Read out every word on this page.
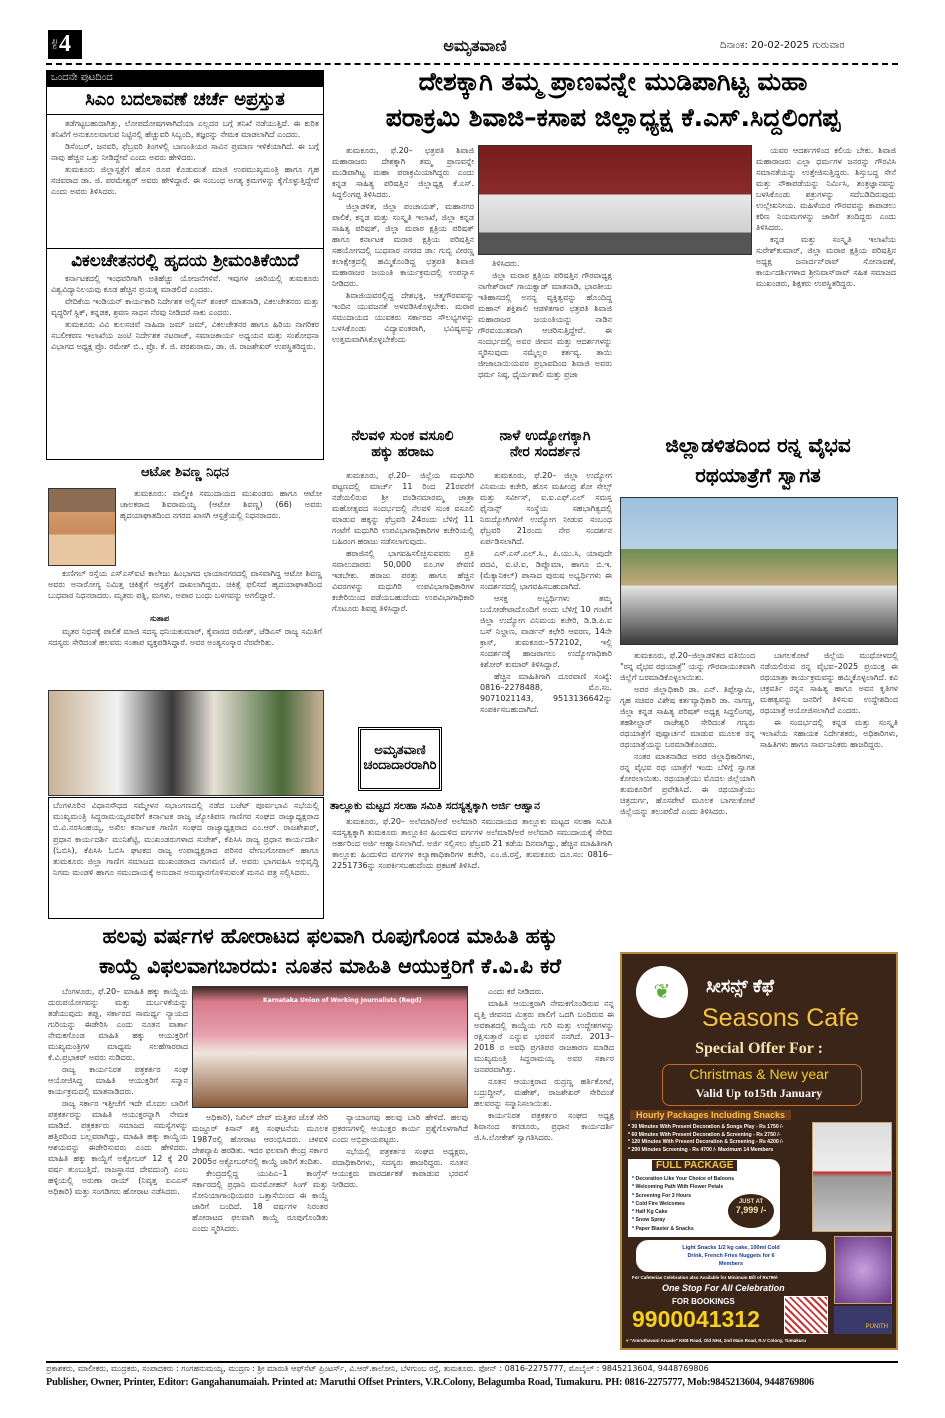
ಪುಟ 4	ಅಮೃತವಾಣಿ	ದಿನಾಂಕ: 20-02-2025 ಗುರುವಾರ
ಒಂದನೇ ಪುಟದಿಂದ
ಸಿಎಂ ಬದಲಾವಣೆ ಚರ್ಚೆ ಅಪ್ರಸ್ತುತ

ತಡೆಗಟ್ಟಬಹುದಾಗಿತ್ತು, ಲೋಪದೋಷಗಳಾಗಿದೆಯಾ ಎಲ್ಲದರ ಬಗ್ಗೆ ತನಿಖೆ ನಡೆಯುತ್ತಿದೆ. ಈ ಕುರಿತ ತನಿಖೆಗೆ ಅನುಕೂಲವಾಗುವ ನಿಟ್ಟಿನಲ್ಲಿ ಹೆಚ್ಚುವರಿ ಸಿಬ್ಬಂದಿ, ತಜ್ಞರನ್ನು ನೇಮಕ ಮಾಡಲಾಗಿದೆ ಎಂದರು.

ಡಿಸೆಂಬರ್, ಜನವರಿ, ಫೆಬ್ರವರಿ ತಿಂಗಳಲ್ಲಿ ಬಾಣಂತಿಯರ ಸಾವಿನ ಪ್ರಮಾಣ ಇಳಿಕೆಯಾಗಿದೆ. ಈ ಬಗ್ಗೆ ನಾವು ಹೆಚ್ಚಿನ ಒತ್ತು ನೀಡಿದ್ದೇವೆ ಎಂದು ಅವರು ಹೇಳಿದರು.

ತುಮಕೂರು ಜಿಲ್ಲಾಸ್ಪತ್ರೆಗೆ ಹೊಸ ರೂಪ ಕೊಡುವಂತೆ ಮಾಜಿ ಉಪಮುಖ್ಯಮಂತ್ರಿ ಹಾಗೂ ಗೃಹ ಸಚಿವರಾದ ಡಾ. ಜಿ. ಪರಮೇಶ್ವರ್ ಅವರು ಹೇಳಿದ್ದಾರೆ. ಈ ಸಂಬಂಧ ಅಗತ್ಯ ಕ್ರಮಗಳನ್ನು ಕೈಗೊಳ್ಳುತ್ತಿದ್ದೇವೆ ಎಂದು ಅವರು ತಿಳಿಸಿದರು.

ವಿಕಲಚೇತನರಲ್ಲಿ ಹೃದಯ ಶ್ರೀಮಂತಿಕೆಯಿದೆ

ಕರ್ನಾಟಕದಲ್ಲಿ ಇಂಥವರಿಗಾಗಿ ಅತಿಹೆಚ್ಚು ಯೋಜನೆಗಳಿವೆ. ಇವುಗಳ ಜಾರಿಯಲ್ಲಿ ತುಮಕೂರು ವಿಶ್ವವಿದ್ಯಾನಿಲಯವು ಕೂಡ ಹೆಚ್ಚಿನ ಪ್ರಯತ್ನ ಮಾಡಲಿದೆ ಎಂದರು.

ವೇದಿಕೆಯ ಇಂಡಿಯನ್ ಕಾರ್ಯಕಾರಿ ನಿರ್ದೇಶಕ ಅಲ್ಲಿಸನ್ ಶಂಕರ್ ಮಾತನಾಡಿ, ವಿಕಲಚೇತನರು ಮತ್ತು ವೃದ್ಧರಿಗೆ ಸ್ಟಿಕ್, ಕನ್ನಡಕ, ಶ್ರವಣ ಸಾಧನ ನೆರವು ನೀಡಿದರೆ ಸಾಕು ಎಂದರು.

ತುಮಕೂರು ವಿವಿ ಕುಲಸಚಿವೆ ನಾಹಿದಾ ಜಮ್ ಜಮ್, ವಿಕಲಚೇತನರ ಹಾಗೂ ಹಿರಿಯ ನಾಗರಿಕರ ಸಬಲೀಕರಣ ಇಲಾಖೆಯ ಜಂಟಿ ನಿರ್ದೇಶಕ ನಟರಾಜ್, ಸಮಾಜಕಾರ್ಯ ಅಧ್ಯಯನ ಮತ್ತು ಸಂಶೋಧನಾ ವಿಭಾಗದ ಅಧ್ಯಕ್ಷ ಪ್ರೊ. ರಮೇಶ್ ಬಿ., ಪ್ರೊ. ಕೆ. ಜಿ. ಪರಶುರಾಮ, ಡಾ. ಜಿ. ರಾಜಶೇಖರ್ ಉಪಸ್ಥಿತರಿದ್ದರು.

ಆಟೋ ಶಿವಣ್ಣ ನಿಧನ

ತುಮಕೂರು: ವಾಲ್ಮೀಕಿ ಸಮುದಾಯದ ಮುಖಂಡರು ಹಾಗೂ ಆಟೋ ಚಾಲಕರಾದ ಶಿವರಾಮಯ್ಯ (ಆಟೋ ಶಿವಣ್ಣ) (66) ಅವರು ಹೃದಯಾಘಾತದಿಂದ ನಗರದ ಖಾಸಗಿ ಆಸ್ಪತ್ರೆಯಲ್ಲಿ ನಿಧನರಾದರು.

ಕುಣಿಗಲ್ ರಸ್ತೆಯ ಎಸ್‌ಎಸ್‌ಐಟಿ ಕಾಲೇಜು ಹಿಂಭಾಗದ ಛಾಯಾನಗರದಲ್ಲಿ ವಾಸವಾಗಿದ್ದ ಆಟೋ ಶಿವಣ್ಣ ಅವರು ಅನಾರೋಗ್ಯ ನಿಮಿತ್ತ ಚಿಕಿತ್ಸೆಗೆ ಆಸ್ಪತ್ರೆಗೆ ದಾಖಲಾಗಿದ್ದರು. ಚಿಕಿತ್ಸೆ ಫಲಿಸದೆ ಹೃದಯಾಘಾತದಿಂದ ಬುಧವಾರ ನಿಧನರಾದರು. ಮೃತರು ಪತ್ನಿ, ಮಗಳು, ಅಪಾರ ಬಂಧು ಬಳಗವನ್ನು ಅಗಲಿದ್ದಾರೆ.

ಸುತಾಪ

ಮೃತರ ನಿಧನಕ್ಕೆ ಪಾಲಿಕೆ ಮಾಜಿ ಸದಸ್ಯ ಧನಿಯಕುಮಾರ್, ಕೈವಾರದ ರಮೇಶ್, ಜೆಡಿಎಸ್ ರಾಜ್ಯ ಸಮಿತಿಗೆ ಸದಸ್ಯರು ಸೇರಿದಂತೆ ಹಲವರು ಸಂತಾಪ ವ್ಯಕ್ತಪಡಿಸಿದ್ದಾರೆ. ಅವರ ಅಂತ್ಯಸಂಸ್ಕಾರ ನೆರವೇರಿತು.

ಬೆಂಗಳೂರಿನ ವಿಧಾನಸೌಧದ ಸಮ್ಮೇಳನ ಸಭಾಂಗಣದಲ್ಲಿ ನಡೆದ ಬಜೆಟ್ ಪೂರ್ವಭಾವಿ ಸಭೆಯಲ್ಲಿ ಮುಖ್ಯಮಂತ್ರಿ ಸಿದ್ದರಾಮಯ್ಯರವರಿಗೆ ಕರ್ನಾಟಕ ರಾಜ್ಯ ಜ್ಯೋತಿಪಣ ಗಾಣಿಗರ ಸಂಘದ ರಾಜ್ಯಾಧ್ಯಕ್ಷರಾದ ಬಿ.ವಿ.ನರಸಿಂಹಯ್ಯ, ಅಖಿಲ ಕರ್ನಾಟಕ ಗಾಣಿಗ ಸಂಘದ ರಾಜ್ಯಾಧ್ಯಕ್ಷರಾದ ಎಂ.ಆರ್. ರಾಜಶೇಖರ್, ಪ್ರಧಾನ ಕಾರ್ಯದರ್ಶಿ ಮುನಿಶೆಟ್ಟಿ, ಮುಖಂಡರುಗಳಾದ ಸುರೇಶ್, ಕೆಪಿಸಿಸಿ ರಾಜ್ಯ ಪ್ರಧಾನ ಕಾರ್ಯದರ್ಶಿ (ಓಬಿಸಿ), ಕೆಪಿಸಿಸಿ ಓಬಿಸಿ ಘಟಕದ ರಾಜ್ಯ ಉಪಾಧ್ಯಕ್ಷರಾದ ಪರಿಸರ ವೇಣುಗೋಪಾಲ್ ಹಾಗೂ ತುಮಕೂರು ಜಿಲ್ಲಾ ಗಾಣಿಗ ಸಮಾಜದ ಮುಖಂಡರಾದ ನಾಗಮಣಿ ಜೆ. ಅವರು ಭಾಗವಹಿಸಿ ಅಭಿವೃದ್ಧಿ ನಿಗಮ ಮಂಡಳಿ ಹಾಗೂ ಸಮುದಾಯಕ್ಕೆ ಅನುದಾನ ಅನುಷ್ಠಾನಗೊಳಿಸುವಂತೆ ಮನವಿ ಪತ್ರ ಸಲ್ಲಿಸಿದರು.
ದೇಶಕ್ಕಾಗಿ ತಮ್ಮ ಪ್ರಾಣವನ್ನೇ ಮುಡಿಪಾಗಿಟ್ಟ ಮಹಾ
ಪರಾಕ್ರಮಿ ಶಿವಾಜಿ–ಕಸಾಪ ಜಿಲ್ಲಾಧ್ಯಕ್ಷ ಕೆ.ಎಸ್.ಸಿದ್ದಲಿಂಗಪ್ಪ

ತುಮಕೂರು, ಫೆ.20– ಛತ್ರಪತಿ ಶಿವಾಜಿ ಮಹಾರಾಜರು ದೇಶಕ್ಕಾಗಿ ತಮ್ಮ ಪ್ರಾಣವನ್ನೇ ಮುಡಿಪಾಗಿಟ್ಟ ಮಹಾ ಪರಾಕ್ರಮಿಯಾಗಿದ್ದರು ಎಂದು ಕನ್ನಡ ಸಾಹಿತ್ಯ ಪರಿಷತ್ತಿನ ಜಿಲ್ಲಾಧ್ಯಕ್ಷ ಕೆ.ಎಸ್. ಸಿದ್ದಲಿಂಗಪ್ಪ ತಿಳಿಸಿದರು.

ಜಿಲ್ಲಾಡಳಿತ, ಜಿಲ್ಲಾ ಪಂಚಾಯತ್, ಮಹಾನಗರ ಪಾಲಿಕೆ, ಕನ್ನಡ ಮತ್ತು ಸಂಸ್ಕೃತಿ ಇಲಾಖೆ, ಜಿಲ್ಲಾ ಕನ್ನಡ ಸಾಹಿತ್ಯ ಪರಿಷತ್, ಜಿಲ್ಲಾ ಮರಾಠ ಕ್ಷತ್ರಿಯ ಪರಿಷತ್ ಹಾಗೂ ಕರ್ನಾಟಕ ಮರಾಠ ಕ್ಷತ್ರಿಯ ಪರಿಷತ್ತಿನ ಸಹಯೋಗದಲ್ಲಿ ಬುಧವಾರ ನಗರದ ಡಾ: ಗುಬ್ಬಿ ವೀರಣ್ಣ ಕಲಾಕ್ಷೇತ್ರದಲ್ಲಿ ಹಮ್ಮಿಕೊಂಡಿದ್ದ ಛತ್ರಪತಿ ಶಿವಾಜಿ ಮಹಾರಾಜರ ಜಯಂತಿ ಕಾರ್ಯಕ್ರಮದಲ್ಲಿ ಉಪನ್ಯಾಸ ನೀಡಿದರು.

ಶಿವಾಜಿಯವರಲ್ಲಿದ್ದ ದೇಶಭಕ್ತಿ, ಆತ್ಮಗೌರವವನ್ನು ಇಂದಿನ ಯುವಜನತೆ ಅಳವಡಿಸಿಕೊಳ್ಳಬೇಕು. ಮರಾಠ ಸಮುದಾಯದ ಯುವಕರು ಸರ್ಕಾರದ ಸೌಲಭ್ಯಗಳನ್ನು ಬಳಸಿಕೊಂಡು ವಿದ್ಯಾವಂತರಾಗಿ, ಭವಿಷ್ಯವನ್ನು ಉತ್ತಮವಾಗಿಸಿಕೊಳ್ಳಬೇಕೆಂದು

ತಿಳಿಸಿದರು.

ಜಿಲ್ಲಾ ಮರಾಠ ಕ್ಷತ್ರಿಯ ಪರಿಷತ್ತಿನ ಗೌರವಾಧ್ಯಕ್ಷ ನಾಗೇಶ್‌ರಾವ್ ಗಾಯಕ್ವಾಡ್ ಮಾತನಾಡಿ, ಭಾರತೀಯ ಇತಿಹಾಸದಲ್ಲಿ ಅನನ್ಯ ವ್ಯಕ್ತಿತ್ವವನ್ನು ಹೊಂದಿದ್ದ ಮಹಾನ್ ಶಕ್ತಿಶಾಲಿ ಆಡಳಿತಗಾರ ಛತ್ರಪತಿ ಶಿವಾಜಿ ಮಹಾರಾಜರ ಜಯಂತಿಯನ್ನು ನಾಡಿನ ಗೌರವಯುತವಾಗಿ ಆಚರಿಸುತ್ತಿದ್ದೇವೆ. ಈ ಸಂದರ್ಭದಲ್ಲಿ ಅವರ ಜೀವನ ಮತ್ತು ಆದರ್ಶಗಳನ್ನು ಸ್ಮರಿಸುವುದು ನಮ್ಮೆಲ್ಲರ ಕರ್ತವ್ಯ. ತಾಯಿ ಜೀಜಾಬಾಯಿಯವರ ಪ್ರಭಾವದಿಂದ ಶಿವಾಜಿ ಅವರು ಧರ್ಮ ನಿಷ್ಠ, ಧೈರ್ಯಶಾಲಿ ಮತ್ತು ಪ್ರಜಾ

ಯವರ ಆದರ್ಶಗಳಿಂದ ಕಲಿಯ ಬೇಕು. ಶಿವಾಜಿ ಮಹಾರಾಜರು ಎಲ್ಲಾ ಧರ್ಮಗಳ ಜನರನ್ನು ಗೌರವಿಸಿ ಸಮಾನತೆಯನ್ನು ಉತ್ತೇಜಿಸುತ್ತಿದ್ದರು. ಶಿಸ್ತುಬದ್ಧ ಸೇನೆ ಮತ್ತು ನೌಕಾಪಡೆಯನ್ನು ನಿರ್ಮಿಸಿ, ತಂತ್ರಜ್ಞಾನವನ್ನು ಬಳಸಿಕೊಂಡು ಶತ್ರುಗಳನ್ನು ಸದೆಬಡಿದಿರುವುದು ಉಲ್ಲೇಖನೀಯ. ಮಹಿಳೆಯರ ಗೌರವವನ್ನು ಕಾಪಾಡಲು ಕಠಿಣ ನಿಯಮಗಳನ್ನು ಜಾರಿಗೆ ತಂದಿದ್ದರು ಎಂದು ತಿಳಿಸಿದರು.

ಕನ್ನಡ ಮತ್ತು ಸಂಸ್ಕೃತಿ ಇಲಾಖೆಯ ಸುರೇಶ್‌ಕುಮಾರ್, ಜಿಲ್ಲಾ ಮರಾಠ ಕ್ಷತ್ರಿಯ ಪರಿಷತ್ತಿನ ಅಧ್ಯಕ್ಷ ಜನಾರ್ದನ್‌ರಾವ್ ಸೋನಾವಣೆ, ಕಾರ್ಯದರ್ಶಿಗಳಾದ ಶ್ರೀನಿವಾಸ್‌ರಾವ್ ಸಹಿತ ಸಮಾಜದ ಮುಖಂಡರು, ಶಿಕ್ಷಕರು ಉಪಸ್ಥಿತರಿದ್ದರು.

ನೆಲವಳಿ ಸುಂಕ ವಸೂಲಿ
ಹಕ್ಕು ಹರಾಜು

ತುಮಕೂರು, ಫೆ.20– ಜಿಲ್ಲೆಯ ಮಧುಗಿರಿ ಪಟ್ಟಣದಲ್ಲಿ ಮಾರ್ಚ್ 11 ರಿಂದ 21ರವರೆಗೆ ನಡೆಯಲಿರುವ ಶ್ರೀ ದಂಡಿನಮಾರಮ್ಮ ಜಾತ್ರಾ ಮಹೋತ್ಸವದ ಸಂದರ್ಭದಲ್ಲಿ ನೆಲವಳಿ ಸುಂಕ ವಸೂಲಿ ಮಾಡುವ ಹಕ್ಕನ್ನು ಫೆಬ್ರವರಿ 24ರಂದು ಬೆಳಿಗ್ಗೆ 11 ಗಂಟೆಗೆ ಮಧುಗಿರಿ ಉಪವಿಭಾಗಾಧಿಕಾರಿಗಳ ಕಚೇರಿಯಲ್ಲಿ ಬಹಿರಂಗ ಹರಾಜು ನಡೆಸಲಾಗುವುದು.

ಹರಾಜಿನಲ್ಲಿ ಭಾಗವಹಿಸಲಿಚ್ಛಿಸುವವರು ಪ್ರತಿ ಸವಾಲುದಾರರು 50,000 ರೂ.ಗಳ ಠೇವಣಿ ಇಡಬೇಕು. ಹರಾಜು ಪರತ್ತು ಹಾಗೂ ಹೆಚ್ಚಿನ ವಿವರಗಳನ್ನು ಮಧುಗಿರಿ ಉಪವಿಭಾಗಾಧಿಕಾರಿಗಳ ಕಚೇರಿಯಿಂದ ಪಡೆಯಬಹುದೆಂದು ಉಪವಿಭಾಗಾಧಿಕಾರಿ ಗೊಟೂರು ಶಿವಪ್ಪ ತಿಳಿಸಿದ್ದಾರೆ.

ನಾಳೆ ಉದ್ಯೋಗಕ್ಕಾಗಿ
ನೇರ ಸಂದರ್ಶನ

ತುಮಕೂರು, ಫೆ.20– ಜಿಲ್ಲಾ ಉದ್ಯೋಗ ವಿನಿಮಯ ಕಚೇರಿ, ಹೊಸ ಮಹೀಂದ್ರ ಶೋ ಸೇಲ್ಸ್ ಮತ್ತು ಸರ್ವೀಸ್, ಐ.ಐ.ಎಫ್.ಎಲ್ ಸಮಸ್ತ ಫೈನಾನ್ಸ್ ಸಂಸ್ಥೆಯ ಸಹಭಾಗಿತ್ವದಲ್ಲಿ ನಿರುದ್ಯೋಗಿಗಳಿಗೆ ಉದ್ಯೋಗ ನೀಡುವ ಸಂಬಂಧ ಫೆಬ್ರವರಿ 21ರಂದು ನೇರ ಸಂದರ್ಶನ ಏರ್ಪಡಿಸಲಾಗಿದೆ.

ಎಸ್.ಎಸ್.ಎಲ್.ಸಿ., ಪಿ.ಯು.ಸಿ, ಯಾವುದೇ ಪದವಿ, ಐ.ಟಿ.ಐ, ಡಿಪ್ಲೊಮಾ, ಹಾಗೂ ಬಿ.ಇ. (ಮೆಕ್ಯಾನಿಕಲ್) ಪಾಸಾದ ಪುರುಷ ಅಭ್ಯರ್ಥಿಗಳು ಈ ಸಂದರ್ಶನದಲ್ಲಿ ಭಾಗವಹಿಸಬಹುದಾಗಿದೆ.

ಆಸಕ್ತ ಅಭ್ಯರ್ಥಿಗಳು ತಮ್ಮ ಬಯೋಡೇಟಾದೊಂದಿಗೆ ಅಂದು ಬೆಳಿಗ್ಗೆ 10 ಗಂಟೆಗೆ ಜಿಲ್ಲಾ ಉದ್ಯೋಗ ವಿನಿಮಯ ಕಚೇರಿ, ಡಿ.ಡಿ.ಪಿ.ಐ ಬಸ್ ನಿಲ್ದಾಣ, ವಾರ್ಡನ್ ಕಛೇರಿ ಆವರಣ, 14ನೇ ಕ್ರಾಸ್, ತುಮಕೂರು–572102, ಇಲ್ಲಿ ಸಂದರ್ಶನಕ್ಕೆ ಹಾಜರಾಗಲು ಉದ್ಯೋಗಾಧಿಕಾರಿ ಕಿಶೋರ್ ಕುಮಾರ್ ತಿಳಿಸಿದ್ದಾರೆ.

ಹೆಚ್ಚಿನ ಮಾಹಿತಿಗಾಗಿ ದೂರವಾಣಿ ಸಂಖ್ಯೆ: 0816–2278488, ಮೊ.ಸಂ. 9071021143, 9513136642ನ್ನು ಸಂಪರ್ಕಿಸಬಹುದಾಗಿದೆ.

ಅಮೃತವಾಣಿ
ಚಂದಾದಾರರಾಗಿರಿ
ತಾಲ್ಲೂಕು ಮಟ್ಟದ ಸಲಹಾ ಸಮಿತಿ ಸದಸ್ಯತ್ವಕ್ಕಾಗಿ ಅರ್ಜಿ ಆಹ್ವಾನ

ತುಮಕೂರು, ಫೆ.20– ಅಲೆಮಾರಿ/ಅರೆ ಅಲೆಮಾರಿ ಸಮುದಾಯದ ತಾಲ್ಲೂಕು ಮಟ್ಟದ ಸಲಹಾ ಸಮಿತಿ ಸದಸ್ಯತ್ವಕ್ಕಾಗಿ ತುಮಕೂರು ತಾಲ್ಲೂಕಿನ ಹಿಂದುಳಿದ ವರ್ಗಗಳ ಅಲೆಮಾರಿ/ಅರೆ ಅಲೆಮಾರಿ ಸಮುದಾಯಕ್ಕೆ ಸೇರಿದ ಅರ್ಹರಿಂದ ಅರ್ಜಿ ಆಹ್ವಾನಿಸಲಾಗಿದೆ. ಅರ್ಜಿ ಸಲ್ಲಿಸಲು ಫೆಬ್ರವರಿ 21 ಕಡೆಯ ದಿನವಾಗಿದ್ದು, ಹೆಚ್ಚಿನ ಮಾಹಿತಿಗಾಗಿ ತಾಲ್ಲೂಕು ಹಿಂದುಳಿದ ವರ್ಗಗಳ ಕಲ್ಯಾಣಾಧಿಕಾರಿಗಳ ಕಚೇರಿ, ಎಂ.ಜಿ.ರಸ್ತೆ, ತುಮಕೂರು ದೂ.ಸಂ: 0816–2251736ನ್ನು ಸಂಪರ್ಕಿಸಬಹುದೆಂದು ಪ್ರಕಟಣೆ ತಿಳಿಸಿದೆ.

ಜಿಲ್ಲಾಡಳಿತದಿಂದ ರನ್ನ ವೈಭವ
ರಥಯಾತ್ರೆಗೆ ಸ್ವಾಗತ

ತುಮಕೂರು, ಫೆ.20–ಜಿಲ್ಲಾಡಳಿತದ ವತಿಯಿಂದ "ರನ್ನ ವೈಭವ ರಥಯಾತ್ರೆ" ಯನ್ನು ಗೌರವಾಯುತವಾಗಿ ಜಿಲ್ಲೆಗೆ ಬರಮಾಡಿಕೊಳ್ಳಲಾಯಿತು.

ಅಪರ ಜಿಲ್ಲಾಧಿಕಾರಿ ಡಾ. ಎನ್. ತಿಪ್ಪೇಸ್ವಾಮಿ, ಗೃಹ ಸಚಿವರ ವಿಶೇಷ ಕರ್ತವ್ಯಾಧಿಕಾರಿ ಡಾ. ನಾಗಣ್ಣ, ಜಿಲ್ಲಾ ಕನ್ನಡ ಸಾಹಿತ್ಯ ಪರಿಷತ್ ಅಧ್ಯಕ್ಷ ಸಿದ್ದಲಿಂಗಪ್ಪ, ತಹಶೀಲ್ದಾರ್ ರಾಜೇಶ್ವರಿ ಸೇರಿದಂತೆ ಗಣ್ಯರು ರಥಯಾತ್ರೆಗೆ ಪುಷ್ಪಾರ್ಚನೆ ಮಾಡುವ ಮೂಲಕ ರನ್ನ ರಥಯಾತ್ರೆಯನ್ನು ಬರಮಾಡಿಕೊಂಡರು.

ನಂತರ ಮಾತನಾಡಿದ ಅಪರ ಜಿಲ್ಲಾಧಿಕಾರಿಗಳು, ರನ್ನ ವೈಭವ ರಥ ಯಾತ್ರೆಗೆ ಇಂದು ಬೆಳಿಗ್ಗೆ ಸ್ವಾಗತ ಕೋರಲಾಯಿತು. ರಥಯಾತ್ರೆಯು ಮೊದಲ ಜಿಲ್ಲೆಯಾಗಿ ತುಮಕೂರಿಗೆ ಪ್ರವೇಶಿಸಿದೆ. ಈ ರಥಯಾತ್ರೆಯು ಚಿತ್ರದುರ್ಗ, ಹೊಸಪೇಟೆ ಮೂಲಕ ಬಾಗಲಕೋಟೆ ಜಿಲ್ಲೆಯನ್ನು ತಲುಪಲಿದೆ ಎಂದು ತಿಳಿಸಿದರು.

ಬಾಗಲಕೋಟೆ ಜಿಲ್ಲೆಯ ಮುಧೋಳದಲ್ಲಿ ನಡೆಯಲಿರುವ ರನ್ನ ವೈಭವ–2025 ಪ್ರಯುಕ್ತ ಈ ರಥಯಾತ್ರಾ ಕಾರ್ಯಕ್ರಮವನ್ನು ಹಮ್ಮಿಕೊಳ್ಳಲಾಗಿದೆ. ಕವಿ ಚಕ್ರವರ್ತಿ ರನ್ನನ ಸಾಹಿತ್ಯ ಹಾಗೂ ಅವನ ಕೃತಿಗಳ ಮಹತ್ವವನ್ನು ಜನರಿಗೆ ತಿಳಿಸುವ ಉದ್ದೇಶದಿಂದ ರಥಯಾತ್ರೆ ಆಯೋಜಿಸಲಾಗಿದೆ ಎಂದರು.

ಈ ಸಂದರ್ಭದಲ್ಲಿ ಕನ್ನಡ ಮತ್ತು ಸಂಸ್ಕೃತಿ ಇಲಾಖೆಯ ಸಹಾಯಕ ನಿರ್ದೇಶಕರು, ಅಧಿಕಾರಿಗಳು, ಸಾಹಿತಿಗಳು ಹಾಗೂ ಸಾರ್ವಜನಿಕರು ಹಾಜರಿದ್ದರು.

❦	ಸೀಸನ್ಸ್ ಕೆಫೆ
Seasons Cafe
Special Offer For :
Christmas & New year
Valid Up to15th January
Hourly Packages Including Snacks
* 30 Minutes With Present Decoration & Songs Play - Rs 1750 /-
* 60 Minutes With Present Decoration & Screening - Rs 2750 /-
* 120 Minutes With Present Decoration & Screening - Rs 4200 /-
* 200 Minutes Screening - Rs 4700 /- Maximum 14 Members
FULL PACKAGE
* Decoration Like Your Choice of Baloons
* Welcoming Path With Flower Petals
* Screening For 3 Hours
* Cold Fire Welcomes
* Half Kg Cake
* Snow Spray
* Paper Blaster & Snacks
JUST AT
7,999 /-
Light Snacks 1/2 kg cake, 100ml Cold Drink, French Fries Nuggets for 6 Members
For Cafeterias Celebration also Available for Minimum Bill of Rs799/-
One Stop For All Celebration
FOR BOOKINGS
9900041312	PUNITH
⌖ "Amruthavani Arcade" KEB Road, Old NH4, 2nd Main Road, R.V Colony, Tumakuru
ಹಲವು ವರ್ಷಗಳ ಹೋರಾಟದ ಫಲವಾಗಿ ರೂಪುಗೊಂಡ ಮಾಹಿತಿ ಹಕ್ಕು
ಕಾಯ್ದೆ ವಿಫಲವಾಗಬಾರದು: ನೂತನ ಮಾಹಿತಿ ಆಯುಕ್ತರಿಗೆ ಕೆ.ವಿ.ಪಿ ಕರೆ

ಬೆಂಗಳೂರು, ಫೆ.20– ಮಾಹಿತಿ ಹಕ್ಕು ಕಾಯ್ದೆಯ ದುರುಪಯೋಗವನ್ನು ಮತ್ತು ದುರ್ಬಳಕೆಯನ್ನು ತಡೆಯುವುದು ತಪ್ಪು, ಸರ್ಕಾರದ ಸಾಮರ್ಥ್ಯ ನ್ಯಾಯದ ಗುರಿಯನ್ನು ಈಡೇರಿಸಿ ಎಂದು ನೂತನ ವಾರ್ತಾ ನೇಮಕಗೊಂಡ ಮಾಹಿತಿ ಹಕ್ಕು ಆಯುಕ್ತರಿಗೆ ಮುಖ್ಯಮಂತ್ರಿಗಳ ಮಾಧ್ಯಮ ಸಲಹೆಗಾರರಾದ ಕೆ.ವಿ.ಪ್ರಭಾಕರ್ ಅವರು ನುಡಿದರು.

ರಾಜ್ಯ ಕಾರ್ಯನಿರತ ಪತ್ರಕರ್ತರ ಸಂಘ ಆಯೋಜಿಸಿದ್ದ ಮಾಹಿತಿ ಆಯುಕ್ತರಿಗೆ ಸನ್ಮಾನ ಕಾರ್ಯಕ್ರಮದಲ್ಲಿ ಮಾತನಾಡಿದರು.

ರಾಜ್ಯ ಸರ್ಕಾರ ಇತ್ತೀಚೆಗೆ ಇದೇ ಮೊದಲ ಬಾರಿಗೆ ಪತ್ರಕರ್ತರನ್ನು ಮಾಹಿತಿ ಆಯುಕ್ತರನ್ನಾಗಿ ನೇಮಕ ಮಾಡಿದೆ. ಪತ್ರಕರ್ತರು ಸಮಾಜದ ಸಮಸ್ಯೆಗಳನ್ನು ಹತ್ತಿರದಿಂದ ಬಲ್ಲವರಾಗಿದ್ದು, ಮಾಹಿತಿ ಹಕ್ಕು ಕಾಯ್ದೆಯ ಆಶಯವನ್ನು ಈಡೇರಿಸುವರು ಎಂದು ಹೇಳಿದರು. ಮಾಹಿತಿ ಹಕ್ಕು ಕಾಯ್ದೆಗೆ ಅಕ್ಟೋಬರ್ 12 ಕ್ಕೆ 20 ವರ್ಷ ತುಂಬುತ್ತಿದೆ. ರಾಜಸ್ಥಾನದ ದೇವದುಂಗ್ರಿ ಎಂಬ ಹಳ್ಳಿಯಲ್ಲಿ ಅರುಣಾ ರಾಯ್ (ನಿವೃತ್ತ ಐಎಎಸ್ ಅಧಿಕಾರಿ) ಮತ್ತು ಸಂಗಡಿಗರು ಹೋರಾಟ ನಡೆಸಿದರು.

Karnataka Union of Working Journalists (Regd)

ಅಧಿಕಾರಿ), ನಿಖಿಲ್ ದೇವ್ ಮತ್ತಿತರ ಜೊತೆ ಸೇರಿ ಮಜ್ದೂರ್ ಕಿಸಾನ್ ಶಕ್ತಿ ಸಂಘಟನೆಯ ಮೂಲಕ 1987ರಲ್ಲಿ ಹೋರಾಟ ಆರಂಭಿಸಿದರು. ಚಳವಳಿ ದೇಶವ್ಯಾಪಿ ಹರಡಿತು. ಇದರ ಫಲವಾಗಿ ಕೇಂದ್ರ ಸರ್ಕಾರ 2005ರ ಅಕ್ಟೋಬರ್‌ನಲ್ಲಿ ಕಾಯ್ದೆ ಜಾರಿಗೆ ತಂದಿತು.

ಕೇಂದ್ರದಲ್ಲಿದ್ದ ಯುಪಿಎ–1 ಕಾಂಗ್ರೆಸ್ ಸರ್ಕಾರದಲ್ಲಿ ಪ್ರಧಾನಿ ಮನಮೋಹನ್ ಸಿಂಗ್ ಮತ್ತು ಸೋನಿಯಾಗಾಂಧಿಯವರ ಒತ್ತಾಸೆಯಿಂದ ಈ ಕಾಯ್ದೆ ಜಾರಿಗೆ ಬಂದಿದೆ. 18 ವರ್ಷಗಳ ನಿರಂತರ ಹೋರಾಟದ ಫಲವಾಗಿ ಕಾಯ್ದೆ ರೂಪುಗೊಂಡಿತು ಎಂದು ಸ್ಮರಿಸಿದರು.

ನ್ಯಾಯಾಂಗವು ಹಲವು ಬಾರಿ ಹೇಳಿದೆ. ಹಲವು ಪ್ರಕರಣಗಳಲ್ಲಿ ಆಯುಕ್ತರ ಕಾರ್ಯ ಪ್ರಶ್ನೆಗೊಳಗಾಗಿದೆ ಎಂದು ಅಭಿಪ್ರಾಯಪಟ್ಟರು.

ಸಭೆಯಲ್ಲಿ ಪತ್ರಕರ್ತರ ಸಂಘದ ಅಧ್ಯಕ್ಷರು, ಪದಾಧಿಕಾರಿಗಳು, ಸದಸ್ಯರು ಹಾಜರಿದ್ದರು. ನೂತನ ಆಯುಕ್ತರು ಪಾರದರ್ಶಕತೆ ಕಾಪಾಡುವ ಭರವಸೆ ನೀಡಿದರು.

ಎಂದು ಕರೆ ನೀಡಿದರು.

ಮಾಹಿತಿ ಆಯುಕ್ತರಾಗಿ ನೇಮಕಗೊಂಡಿರುವ ನನ್ನ ವೃತ್ತಿ ಜೀವನದ ಮಿತ್ರರು ಪಾಲಿಗೆ ಒದಗಿ ಬಂದಿರುವ ಈ ಅವಕಾಶದಲ್ಲಿ ಕಾಯ್ದೆಯ ಗುರಿ ಮತ್ತು ಉದ್ದೇಶಗಳನ್ನು ರಕ್ಷಿಸುತ್ತಾರೆ ಎನ್ನುವ ಭರವಸೆ ನನಗಿದೆ. 2013–2018 ರ ಅವಧಿ ಪ್ರಗತಿಪರ ರಾಜಕಾರಣ ಮಾಡಿದ ಮುಖ್ಯಮಂತ್ರಿ ಸಿದ್ದರಾಮಯ್ಯ ಅವರ ಸರ್ಕಾರ ಜನಪರವಾಗಿತ್ತು.

ನೂತನ ಆಯುಕ್ತರಾದ ರುದ್ರಣ್ಣ ಹರ್ತಿಕೋಟೆ, ಬದ್ರುದ್ದೀನ್, ಮಹೇಶ್, ರಾಜಶೇಖರ್ ಸೇರಿದಂತೆ ಹಲವರನ್ನು ಸನ್ಮಾನಿಸಲಾಯಿತು.

ಕಾರ್ಯನಿರತ ಪತ್ರಕರ್ತರ ಸಂಘದ ಅಧ್ಯಕ್ಷ ಶಿವಾನಂದ ತಗಡೂರು, ಪ್ರಧಾನ ಕಾರ್ಯದರ್ಶಿ ಜಿ.ಸಿ.ಲೋಕೇಶ್ ಸ್ವಾಗತಿಸಿದರು.

ಪ್ರಕಾಶಕರು, ಮಾಲೀಕರು, ಮುದ್ರಕರು, ಸಂಪಾದಕರು : ಗಂಗಹನುಮಯ್ಯ, ಮುದ್ರಣ : ಶ್ರೀ ಮಾರುತಿ ಆಫ್‌ಸೆಟ್ ಪ್ರಿಂಟರ್ಸ್, ವಿ.ಆರ್.ಕಾಲೋನಿ, ಬೆಳಗುಂಬ ರಸ್ತೆ, ತುಮಕೂರು. ಫೋನ್ : 0816-2275777, ಮೊಬೈಲ್ : 9845213604, 9448769806
Publisher, Owner, Printer, Editor: Gangahanumaiah. Printed at: Maruthi Offset Printers, V.R.Colony, Belagumba Road, Tumakuru. PH: 0816-2275777, Mob:9845213604, 9448769806
